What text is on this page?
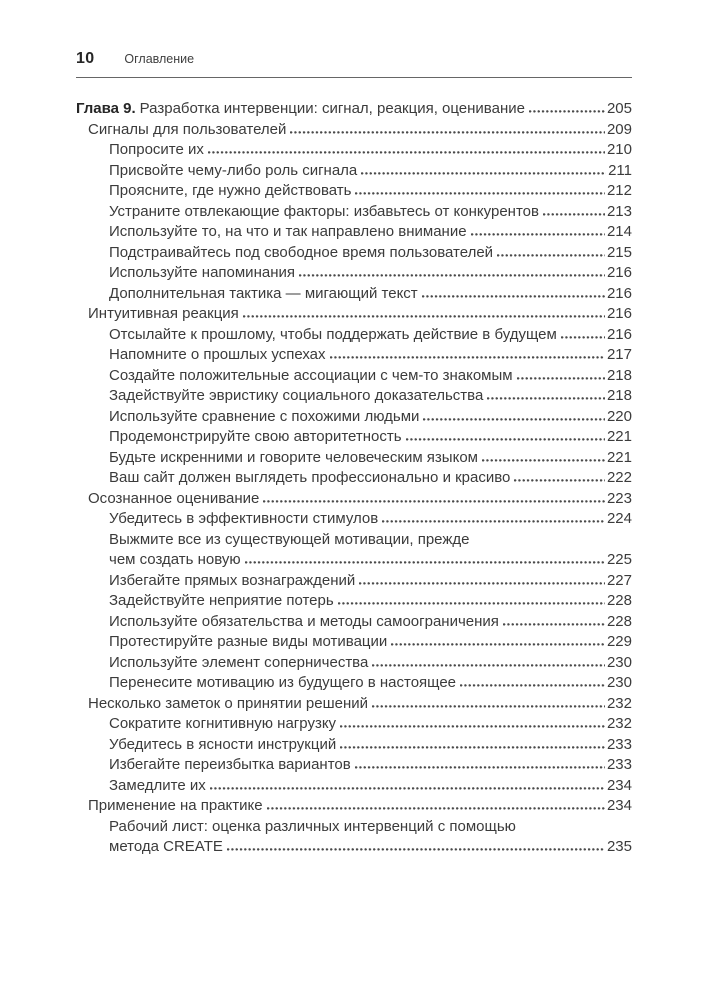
10 Оглавление
Глава 9. Разработка интервенции: сигнал, реакция, оценивание	205
Сигналы для пользователей	209
Попросите их	210
Присвойте чему-либо роль сигнала	211
Проясните, где нужно действовать	212
Устраните отвлекающие факторы: избавьтесь от конкурентов	213
Используйте то, на что и так направлено внимание	214
Подстраивайтесь под свободное время пользователей	215
Используйте напоминания	216
Дополнительная тактика — мигающий текст	216
Интуитивная реакция	216
Отсылайте к прошлому, чтобы поддержать действие в будущем	216
Напомните о прошлых успехах	217
Создайте положительные ассоциации с чем-то знакомым	218
Задействуйте эвристику социального доказательства	218
Используйте сравнение с похожими людьми	220
Продемонстрируйте свою авторитетность	221
Будьте искренними и говорите человеческим языком	221
Ваш сайт должен выглядеть профессионально и красиво	222
Осознанное оценивание	223
Убедитесь в эффективности стимулов	224
Выжмите все из существующей мотивации, прежде
чем создать новую	225
Избегайте прямых вознаграждений	227
Задействуйте неприятие потерь	228
Используйте обязательства и методы самоограничения	228
Протестируйте разные виды мотивации	229
Используйте элемент соперничества	230
Перенесите мотивацию из будущего в настоящее	230
Несколько заметок о принятии решений	232
Сократите когнитивную нагрузку	232
Убедитесь в ясности инструкций	233
Избегайте переизбытка вариантов	233
Замедлите их	234
Применение на практике	234
Рабочий лист: оценка различных интервенций с помощью
метода CREATE	235
